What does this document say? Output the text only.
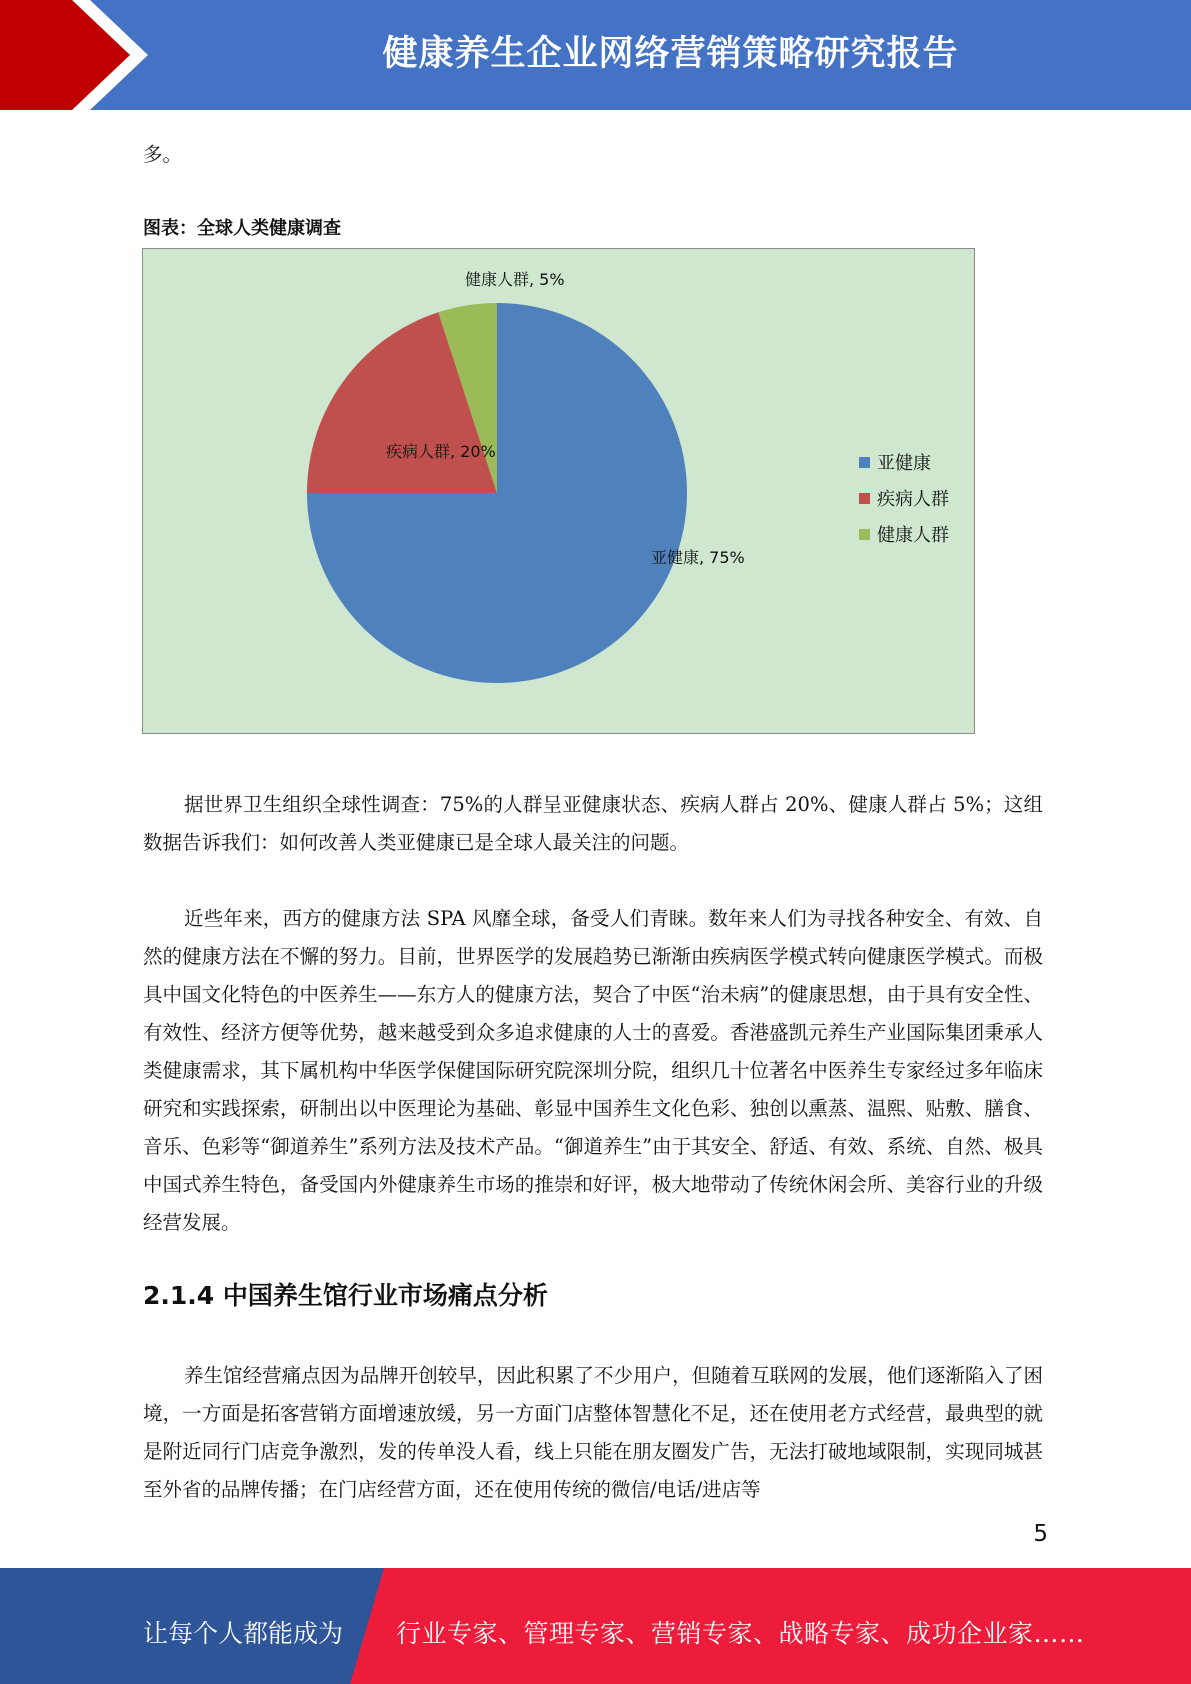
健康养生企业网络营销策略研究报告
多。
图表：全球人类健康调查
亚健康, 75%
疾病人群, 20%
健康人群, 5%
亚健康
疾病人群
健康人群
据世界卫生组织全球性调查：75%的人群呈亚健康状态、疾病人群占 20%、健康人群占 5%；这组数据告诉我们：如何改善人类亚健康已是全球人最关注的问题。
近些年来，西方的健康方法 SPA 风靡全球，备受人们青睐。数年来人们为寻找各种安全、有效、自然的健康方法在不懈的努力。目前，世界医学的发展趋势已渐渐由疾病医学模式转向健康医学模式。而极具中国文化特色的中医养生——东方人的健康方法，契合了中医“治未病”的健康思想，由于具有安全性、有效性、经济方便等优势，越来越受到众多追求健康的人士的喜爱。香港盛凯元养生产业国际集团秉承人类健康需求，其下属机构中华医学保健国际研究院深圳分院，组织几十位著名中医养生专家经过多年临床研究和实践探索，研制出以中医理论为基础、彰显中国养生文化色彩、独创以熏蒸、温熙、贴敷、膳食、音乐、色彩等“御道养生”系列方法及技术产品。“御道养生”由于其安全、舒适、有效、系统、自然、极具中国式养生特色，备受国内外健康养生市场的推崇和好评，极大地带动了传统休闲会所、美容行业的升级经营发展。
2.1.4 中国养生馆行业市场痛点分析
养生馆经营痛点因为品牌开创较早，因此积累了不少用户，但随着互联网的发展，他们逐渐陷入了困境，一方面是拓客营销方面增速放缓，另一方面门店整体智慧化不足，还在使用老方式经营，最典型的就是附近同行门店竞争激烈，发的传单没人看，线上只能在朋友圈发广告，无法打破地域限制，实现同城甚至外省的品牌传播；在门店经营方面，还在使用传统的微信/电话/进店等
5
让每个人都能成为 行业专家、管理专家、营销专家、战略专家、成功企业家……
